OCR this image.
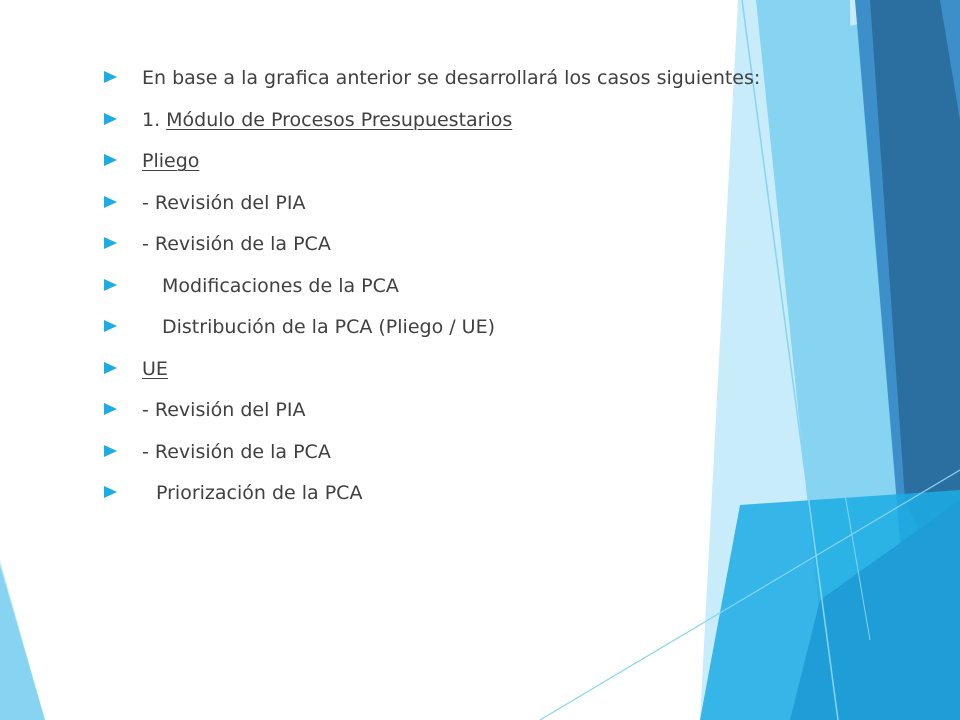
En base a la grafica anterior se desarrollará los casos siguientes:
1. Módulo de Procesos Presupuestarios
Pliego
- Revisión del PIA
- Revisión de la PCA
Modificaciones de la PCA
Distribución de la PCA (Pliego / UE)
UE
- Revisión del PIA
- Revisión de la PCA
Priorización de la PCA
